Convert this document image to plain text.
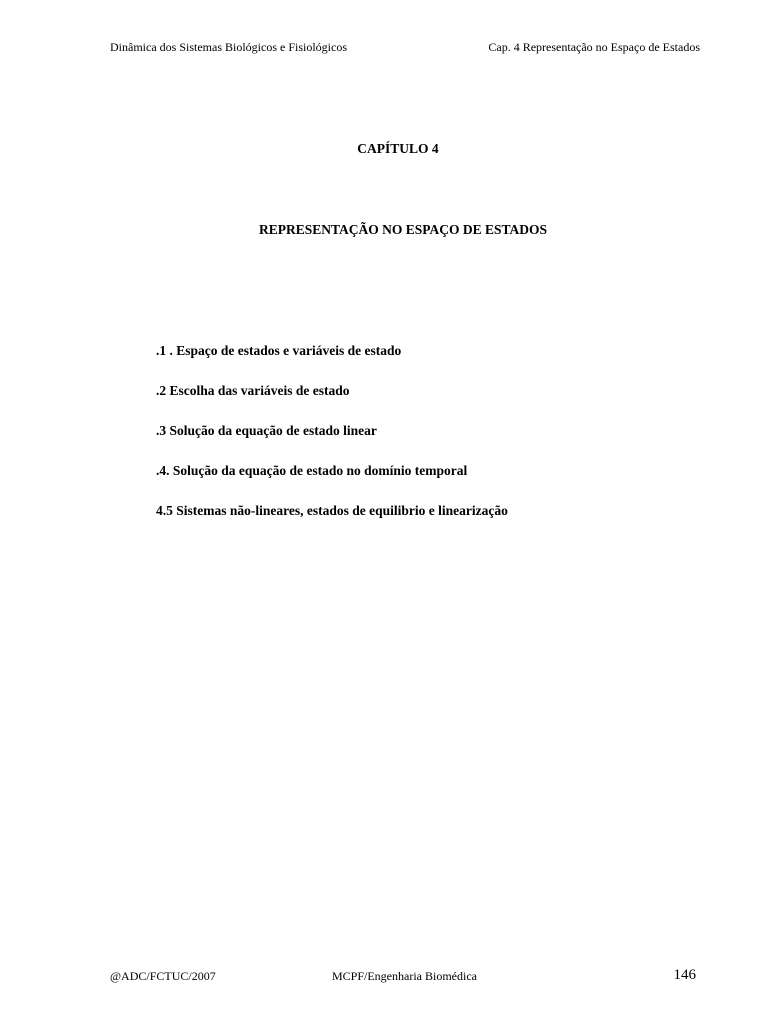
Dinâmica dos Sistemas Biológicos e Fisiológicos	Cap. 4 Representação no Espaço de Estados
CAPÍTULO 4
REPRESENTAÇÃO NO ESPAÇO DE ESTADOS
.1 . Espaço de estados e variáveis de estado
.2 Escolha das variáveis de estado
.3 Solução da equação de estado linear
.4. Solução da equação de estado no domínio temporal
4.5 Sistemas não-lineares, estados de equilibrio e linearização
@ADC/FCTUC/2007	MCPF/Engenharia Biomédica	146
